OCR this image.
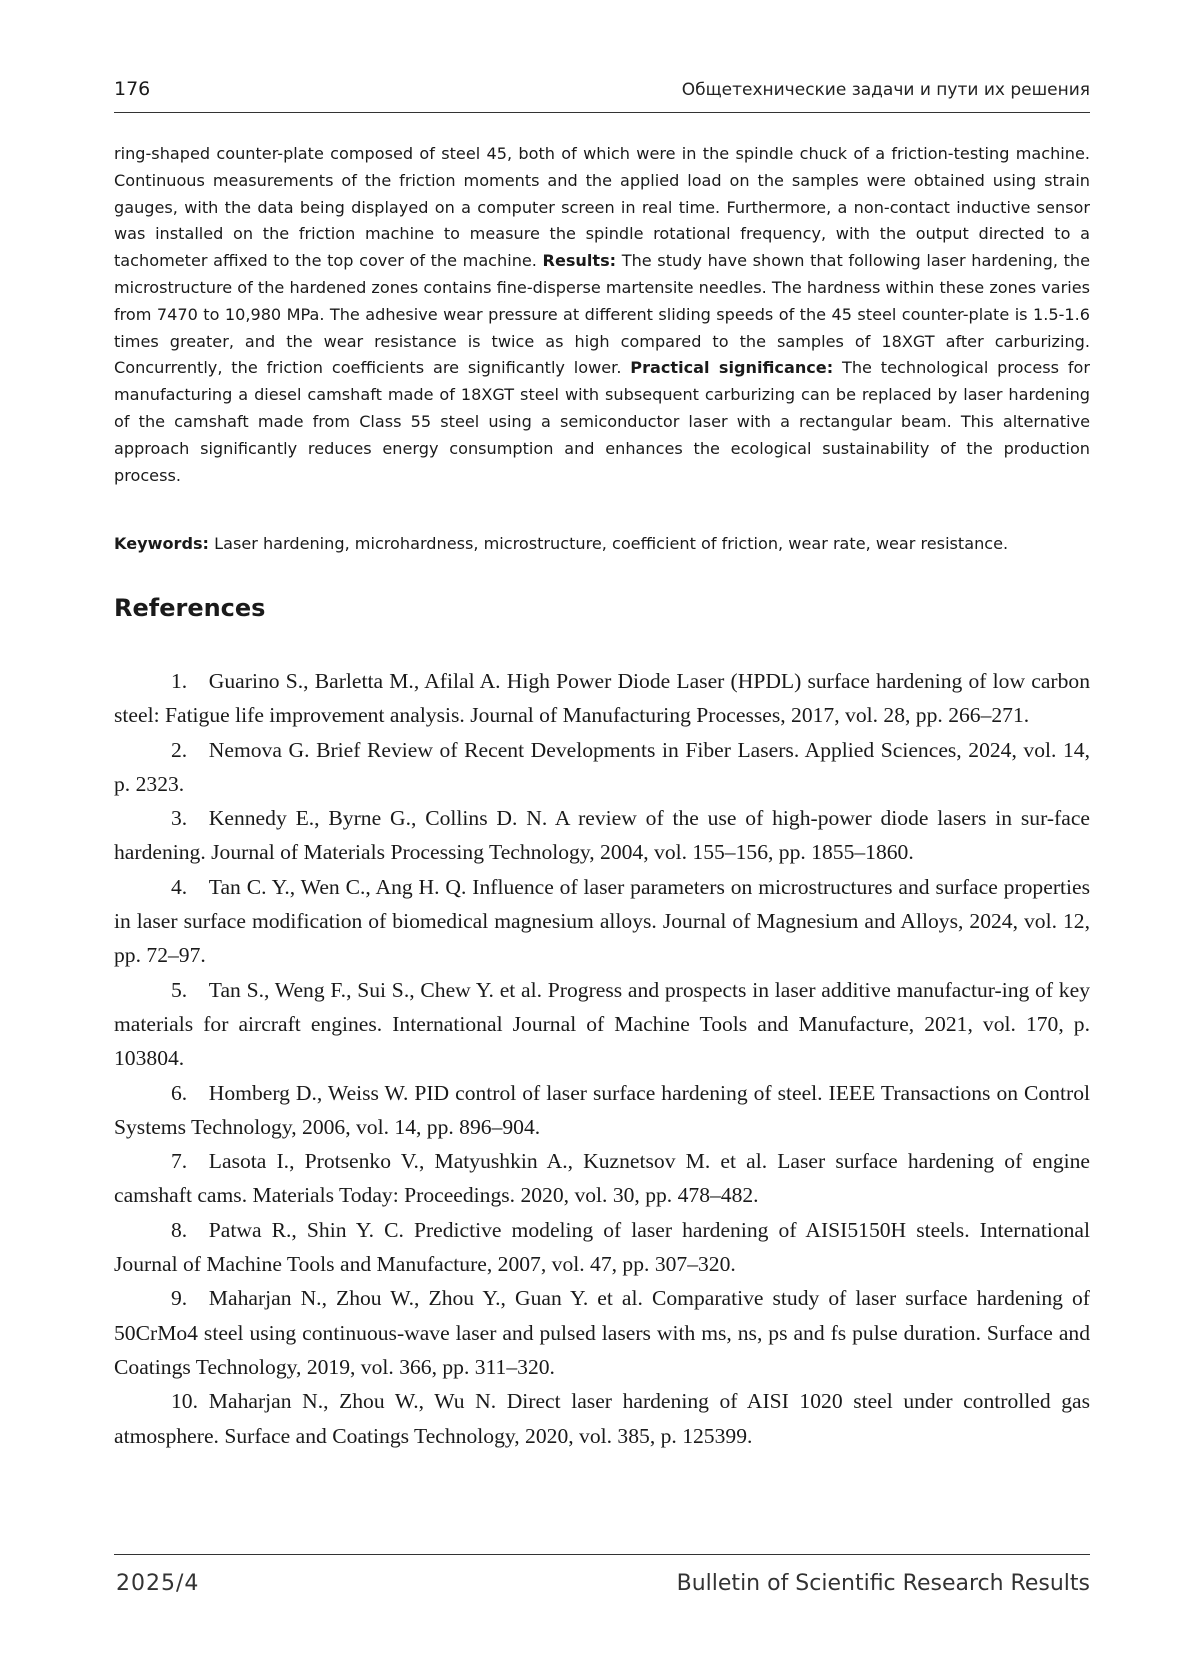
176	Общетехнические задачи и пути их решения
ring-shaped counter-plate composed of steel 45, both of which were in the spindle chuck of a friction-testing machine. Continuous measurements of the friction moments and the applied load on the samples were obtained using strain gauges, with the data being displayed on a computer screen in real time. Furthermore, a non-contact inductive sensor was installed on the friction machine to measure the spindle rotational frequency, with the output directed to a tachometer affixed to the top cover of the machine. Results: The study have shown that following laser hardening, the microstructure of the hardened zones contains fine-disperse martensite needles. The hardness within these zones varies from 7470 to 10,980 MPa. The adhesive wear pressure at different sliding speeds of the 45 steel counter-plate is 1.5-1.6 times greater, and the wear resistance is twice as high compared to the samples of 18XGT after carburizing. Concurrently, the friction coefficients are significantly lower. Practical significance: The technological process for manufacturing a diesel camshaft made of 18XGT steel with subsequent carburizing can be replaced by laser hardening of the camshaft made from Class 55 steel using a semiconductor laser with a rectangular beam. This alternative approach significantly reduces energy consumption and enhances the ecological sustainability of the production process.
Keywords: Laser hardening, microhardness, microstructure, coefficient of friction, wear rate, wear resistance.
References
1. Guarino S., Barletta M., Afilal A. High Power Diode Laser (HPDL) surface hardening of low carbon steel: Fatigue life improvement analysis. Journal of Manufacturing Processes, 2017, vol. 28, pp. 266–271.
2. Nemova G. Brief Review of Recent Developments in Fiber Lasers. Applied Sciences, 2024, vol. 14, p. 2323.
3. Kennedy E., Byrne G., Collins D. N. A review of the use of high-power diode lasers in sur-face hardening. Journal of Materials Processing Technology, 2004, vol. 155–156, pp. 1855–1860.
4. Tan C. Y., Wen C., Ang H. Q. Influence of laser parameters on microstructures and surface properties in laser surface modification of biomedical magnesium alloys. Journal of Magnesium and Alloys, 2024, vol. 12, pp. 72–97.
5. Tan S., Weng F., Sui S., Chew Y. et al. Progress and prospects in laser additive manufactur-ing of key materials for aircraft engines. International Journal of Machine Tools and Manufacture, 2021, vol. 170, p. 103804.
6. Homberg D., Weiss W. PID control of laser surface hardening of steel. IEEE Transactions on Control Systems Technology, 2006, vol. 14, pp. 896–904.
7. Lasota I., Protsenko V., Matyushkin A., Kuznetsov M. et al. Laser surface hardening of engine camshaft cams. Materials Today: Proceedings. 2020, vol. 30, pp. 478–482.
8. Patwa R., Shin Y. C. Predictive modeling of laser hardening of AISI5150H steels. International Journal of Machine Tools and Manufacture, 2007, vol. 47, pp. 307–320.
9. Maharjan N., Zhou W., Zhou Y., Guan Y. et al. Comparative study of laser surface hardening of 50CrMo4 steel using continuous-wave laser and pulsed lasers with ms, ns, ps and fs pulse duration. Surface and Coatings Technology, 2019, vol. 366, pp. 311–320.
10. Maharjan N., Zhou W., Wu N. Direct laser hardening of AISI 1020 steel under controlled gas atmosphere. Surface and Coatings Technology, 2020, vol. 385, p. 125399.
2025/4	Bulletin of Scientific Research Results
